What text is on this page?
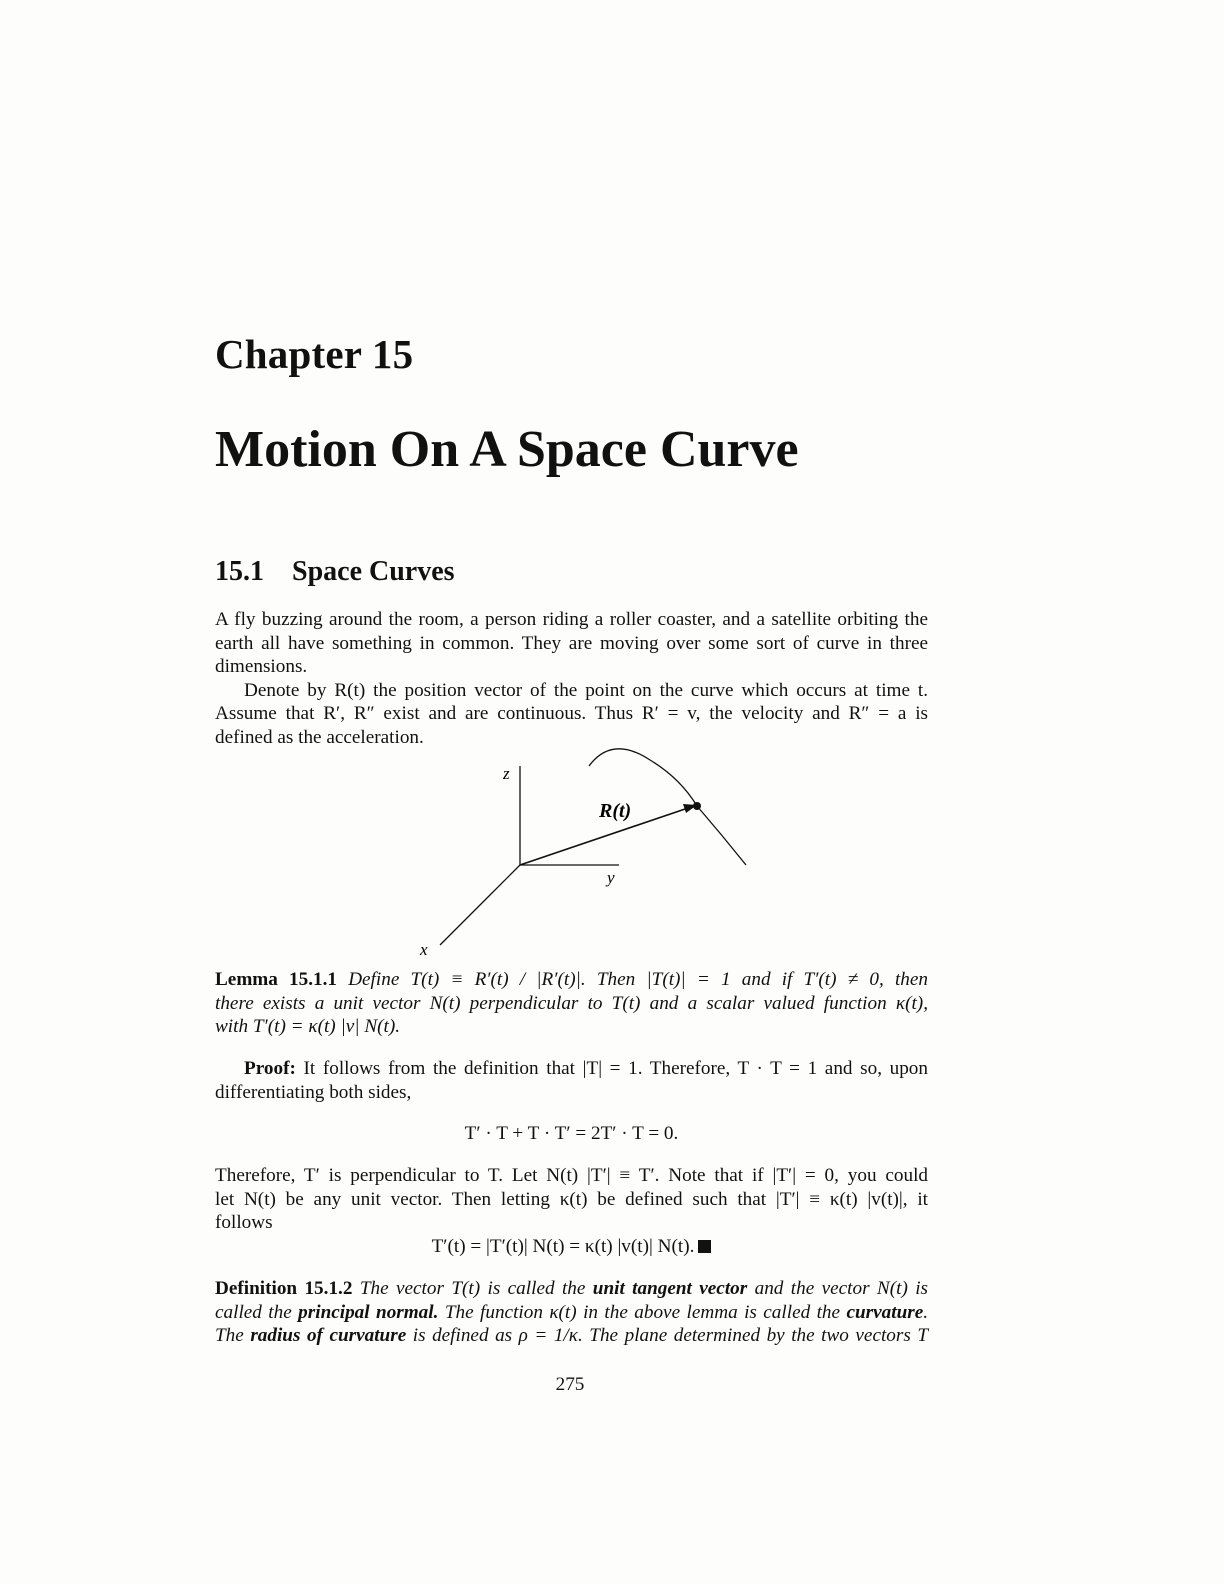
Chapter 15
Motion On A Space Curve
15.1 Space Curves
A fly buzzing around the room, a person riding a roller coaster, and a satellite orbiting the
earth all have something in common. They are moving over some sort of curve in three
dimensions.
Denote by R(t) the position vector of the point on the curve which occurs at time t.
Assume that R′, R″ exist and are continuous. Thus R′ = v, the velocity and R″ = a is
defined as the acceleration.
z
y
x
R(t)
Lemma 15.1.1 Define T(t) ≡ R′(t) / |R′(t)|. Then |T(t)| = 1 and if T′(t) ≠ 0, then
there exists a unit vector N(t) perpendicular to T(t) and a scalar valued function κ(t),
with T′(t) = κ(t) |v| N(t).
Proof: It follows from the definition that |T| = 1. Therefore, T · T = 1 and so, upon
differentiating both sides,
T′ · T + T · T′ = 2T′ · T = 0.
Therefore, T′ is perpendicular to T. Let N(t) |T′| ≡ T′. Note that if |T′| = 0, you could
let N(t) be any unit vector. Then letting κ(t) be defined such that |T′| ≡ κ(t) |v(t)|, it
follows
T′(t) = |T′(t)| N(t) = κ(t) |v(t)| N(t).
Definition 15.1.2 The vector T(t) is called the unit tangent vector and the vector N(t) is
called the principal normal. The function κ(t) in the above lemma is called the curvature.
The radius of curvature is defined as ρ = 1/κ. The plane determined by the two vectors T
275
